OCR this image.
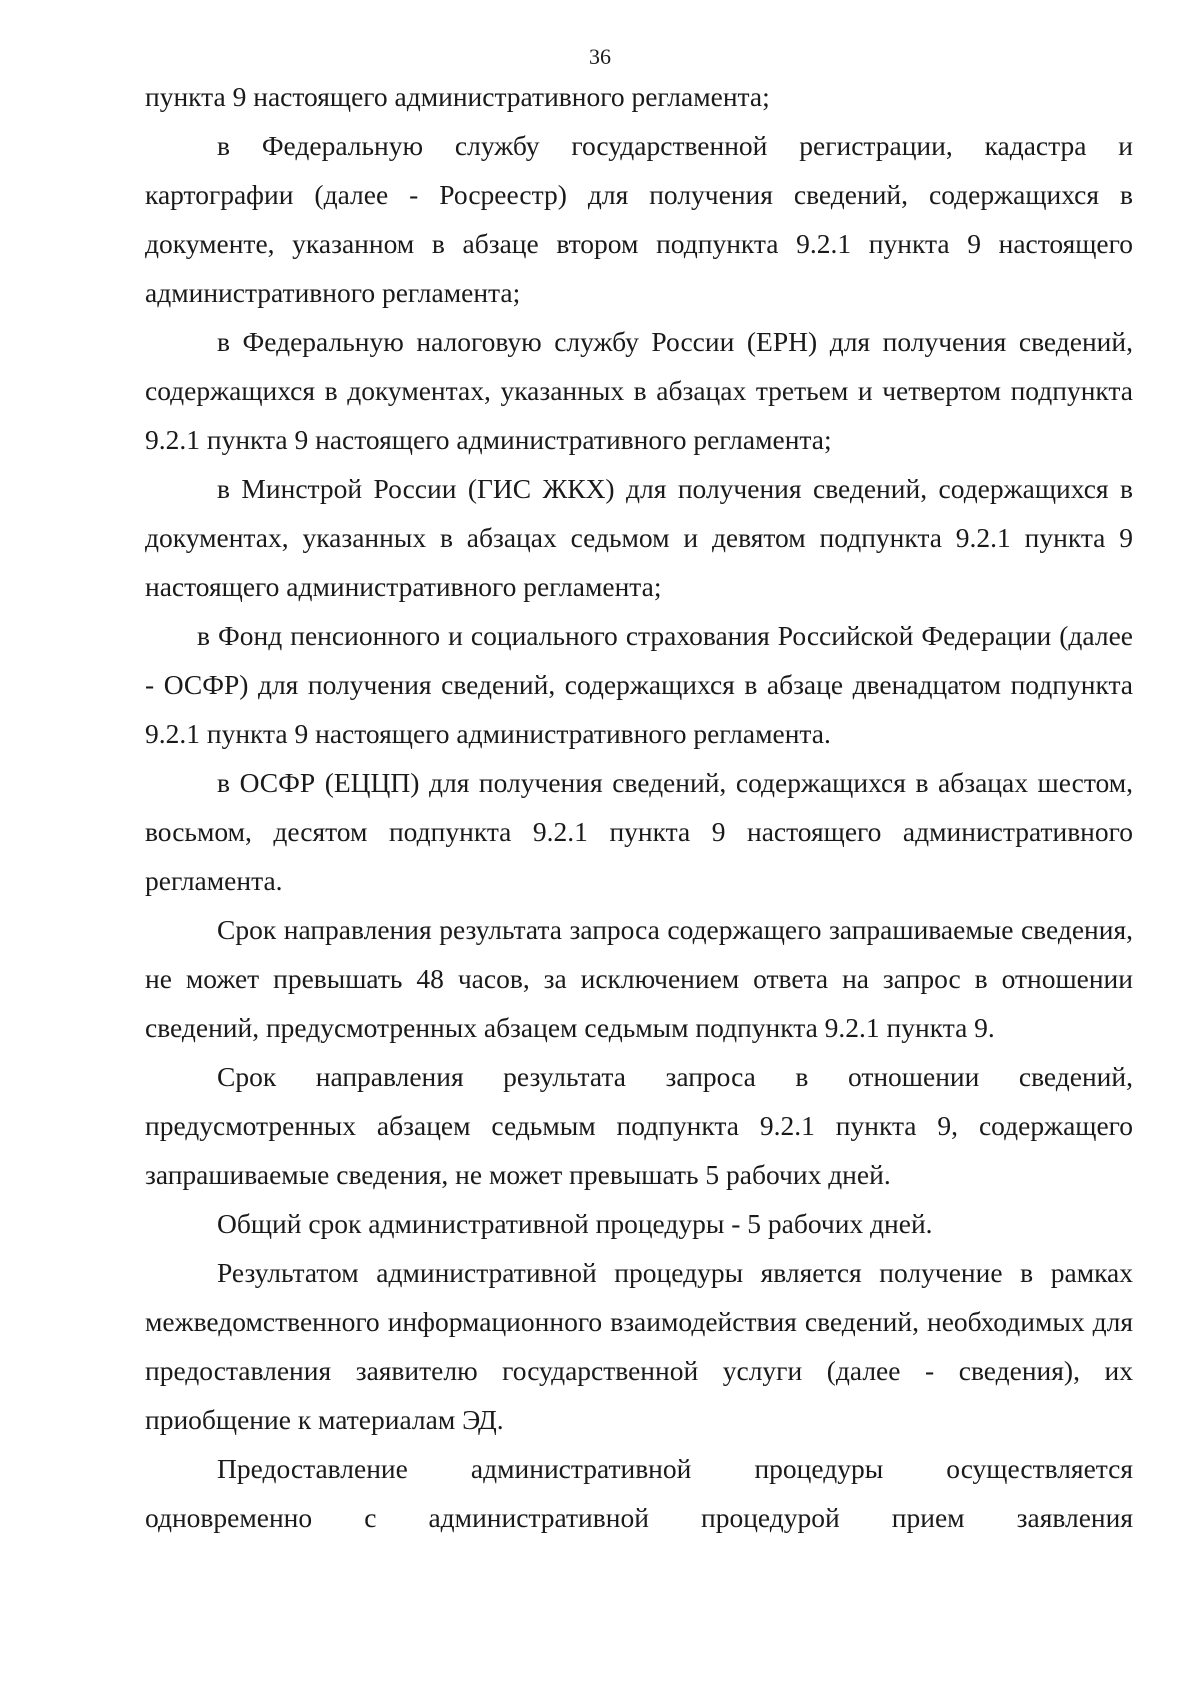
36

пункта 9 настоящего административного регламента;

в Федеральную службу государственной регистрации, кадастра и картографии (далее - Росреестр) для получения сведений, содержащихся в документе, указанном в абзаце втором подпункта 9.2.1 пункта 9 настоящего административного регламента;

в Федеральную налоговую службу России (ЕРН) для получения сведений, содержащихся в документах, указанных в абзацах третьем и четвертом подпункта 9.2.1 пункта 9 настоящего административного регламента;

в Минстрой России (ГИС ЖКХ) для получения сведений, содержащихся в документах, указанных в абзацах седьмом и девятом подпункта 9.2.1 пункта 9 настоящего административного регламента;

в Фонд пенсионного и социального страхования Российской Федерации (далее - ОСФР) для получения сведений, содержащихся в абзаце двенадцатом подпункта 9.2.1 пункта 9 настоящего административного регламента.

в ОСФР (ЕЦЦП) для получения сведений, содержащихся в абзацах шестом, восьмом, десятом подпункта 9.2.1 пункта 9 настоящего административного регламента.

Срок направления результата запроса содержащего запрашиваемые сведения, не может превышать 48 часов, за исключением ответа на запрос в отношении сведений, предусмотренных абзацем седьмым подпункта 9.2.1 пункта 9.

Срок направления результата запроса в отношении сведений, предусмотренных абзацем седьмым подпункта 9.2.1 пункта 9, содержащего запрашиваемые сведения, не может превышать 5 рабочих дней.

Общий срок административной процедуры - 5 рабочих дней.

Результатом административной процедуры является получение в рамках межведомственного информационного взаимодействия сведений, необходимых для предоставления заявителю государственной услуги (далее - сведения), их приобщение к материалам ЭД.

Предоставление административной процедуры осуществляется одновременно с административной процедурой прием заявления
